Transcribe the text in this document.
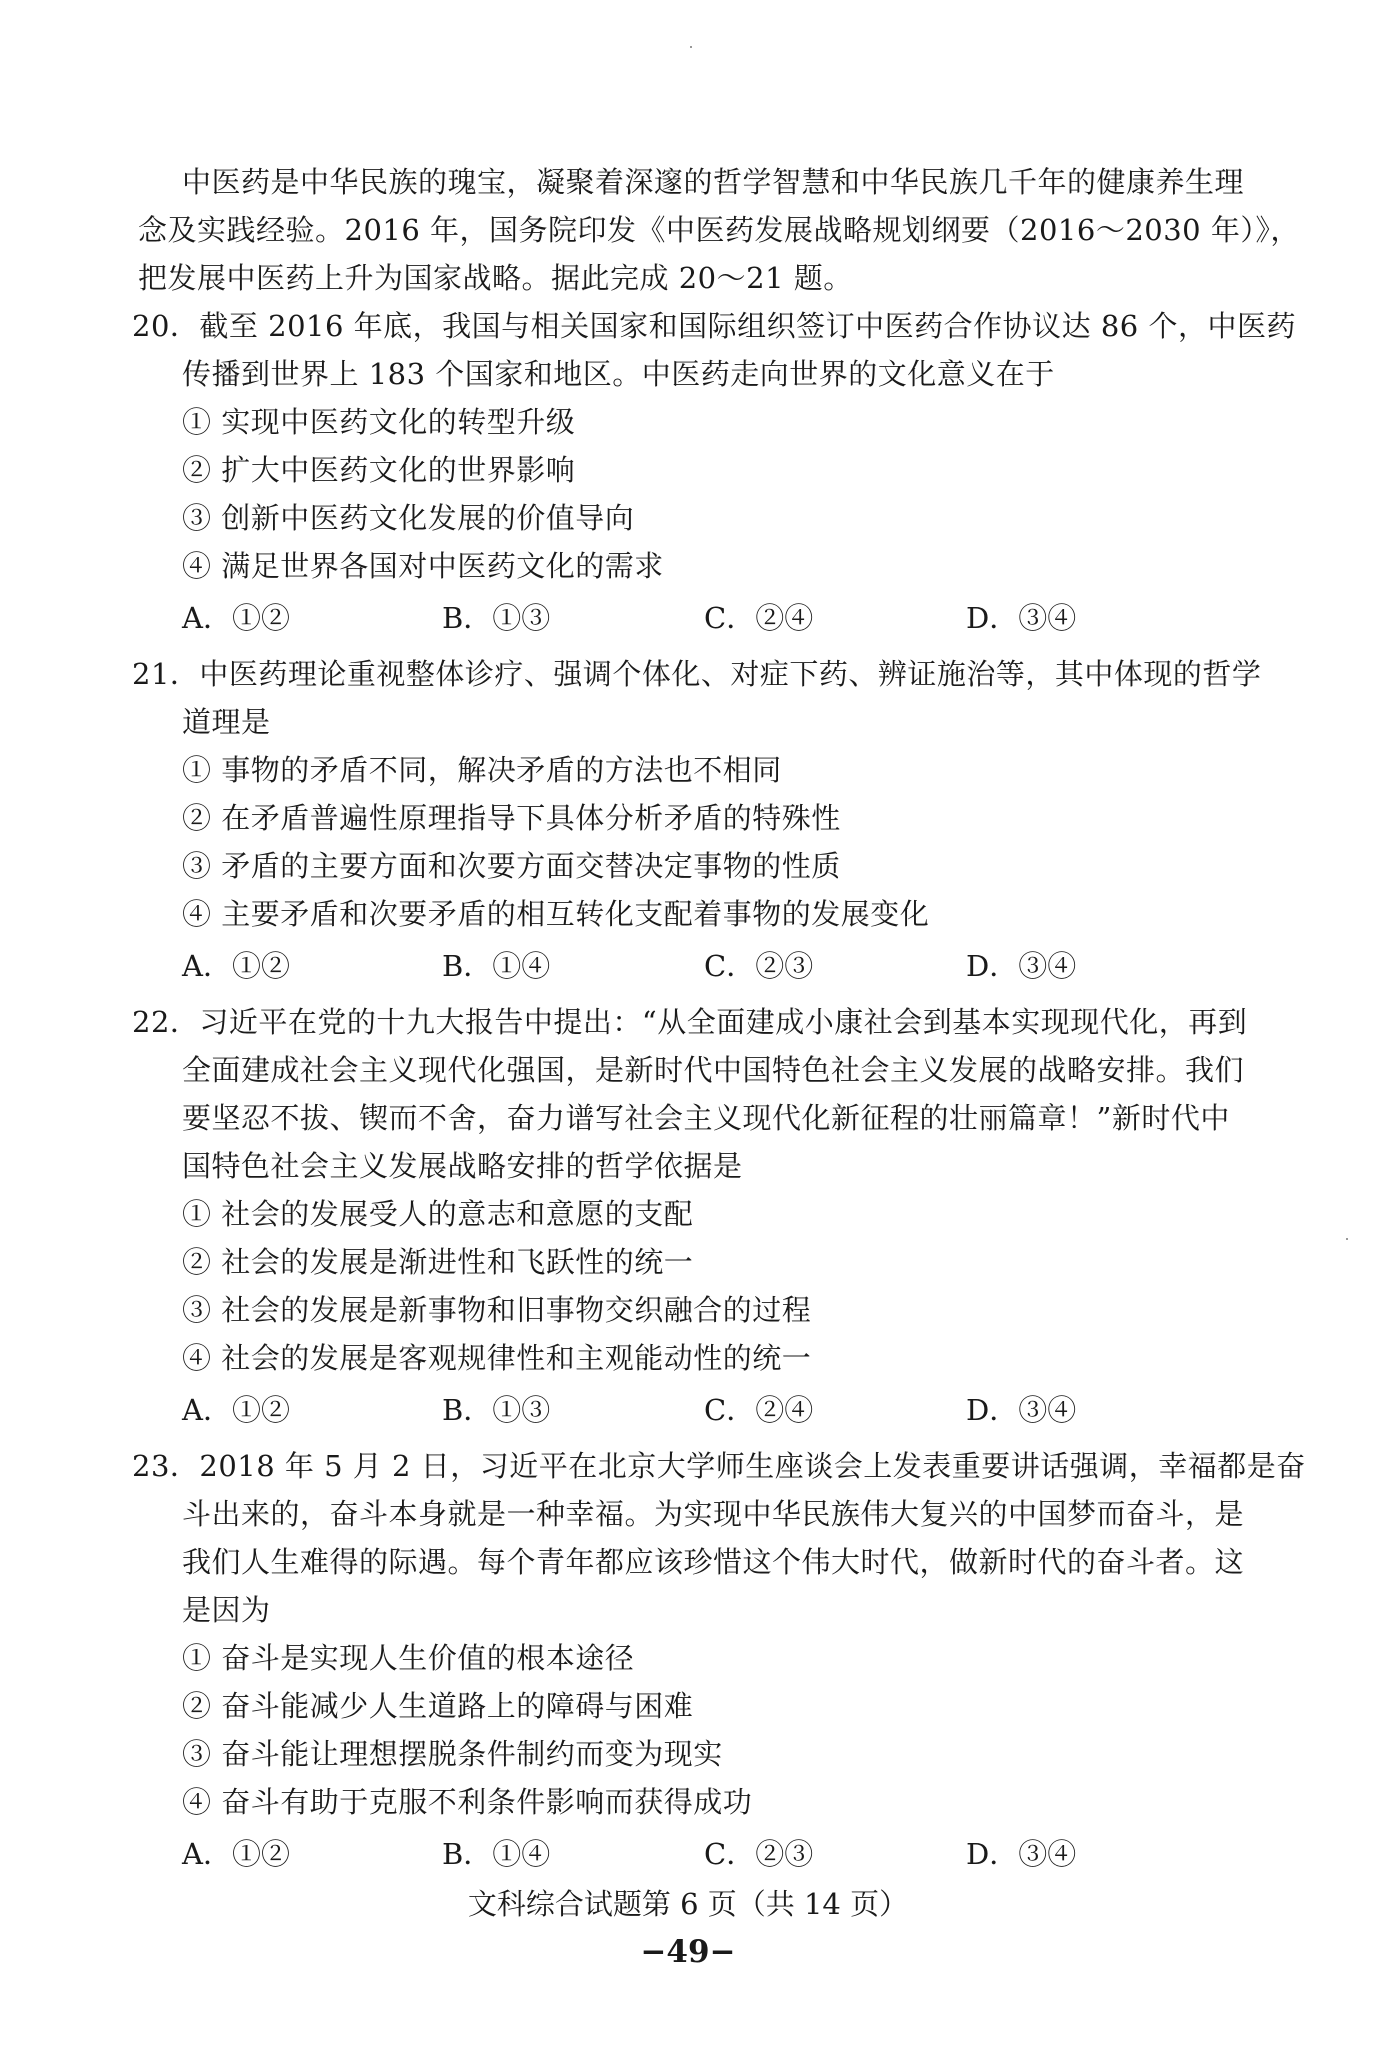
中医药是中华民族的瑰宝，凝聚着深邃的哲学智慧和中华民族几千年的健康养生理
念及实践经验。2016 年，国务院印发《中医药发展战略规划纲要（2016～2030 年）》，
把发展中医药上升为国家战略。据此完成 20～21 题。
20．截至 2016 年底，我国与相关国家和国际组织签订中医药合作协议达 86 个，中医药
传播到世界上 183 个国家和地区。中医药走向世界的文化意义在于
① 实现中医药文化的转型升级
② 扩大中医药文化的世界影响
③ 创新中医药文化发展的价值导向
④ 满足世界各国对中医药文化的需求
A．①②	B．①③	C．②④	D．③④
21．中医药理论重视整体诊疗、强调个体化、对症下药、辨证施治等，其中体现的哲学
道理是
① 事物的矛盾不同，解决矛盾的方法也不相同
② 在矛盾普遍性原理指导下具体分析矛盾的特殊性
③ 矛盾的主要方面和次要方面交替决定事物的性质
④ 主要矛盾和次要矛盾的相互转化支配着事物的发展变化
A．①②	B．①④	C．②③	D．③④
22．习近平在党的十九大报告中提出：“从全面建成小康社会到基本实现现代化，再到
全面建成社会主义现代化强国，是新时代中国特色社会主义发展的战略安排。我们
要坚忍不拔、锲而不舍，奋力谱写社会主义现代化新征程的壮丽篇章！”新时代中
国特色社会主义发展战略安排的哲学依据是
① 社会的发展受人的意志和意愿的支配
② 社会的发展是渐进性和飞跃性的统一
③ 社会的发展是新事物和旧事物交织融合的过程
④ 社会的发展是客观规律性和主观能动性的统一
A．①②	B．①③	C．②④	D．③④
23．2018 年 5 月 2 日，习近平在北京大学师生座谈会上发表重要讲话强调，幸福都是奋
斗出来的，奋斗本身就是一种幸福。为实现中华民族伟大复兴的中国梦而奋斗，是
我们人生难得的际遇。每个青年都应该珍惜这个伟大时代，做新时代的奋斗者。这
是因为
① 奋斗是实现人生价值的根本途径
② 奋斗能减少人生道路上的障碍与困难
③ 奋斗能让理想摆脱条件制约而变为现实
④ 奋斗有助于克服不利条件影响而获得成功
A．①②	B．①④	C．②③	D．③④
文科综合试题第 6 页（共 14 页）
−49−
